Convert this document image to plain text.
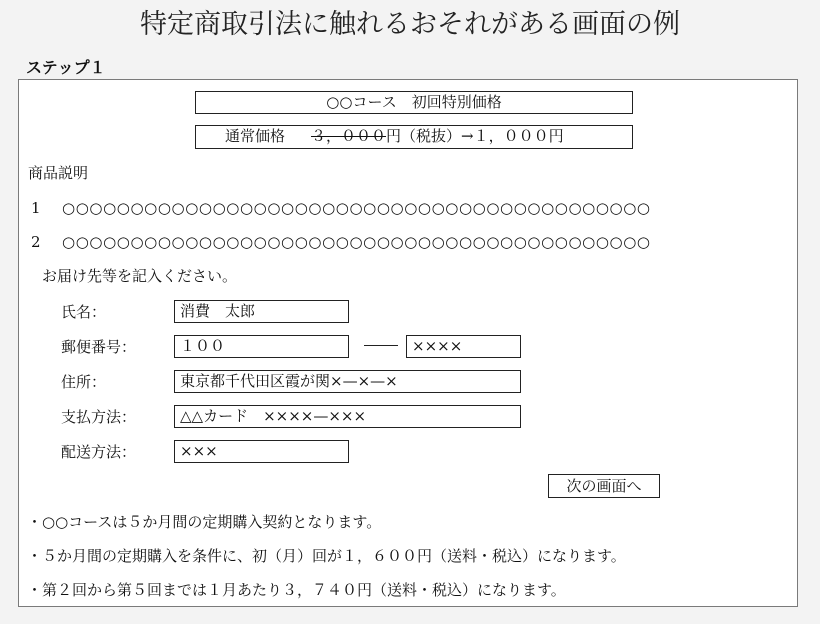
特定商取引法に触れるおそれがある画面の例
ステップ１
○○コース　初回特別価格
通常価格 ３，０００円（税抜）→１，０００円
商品説明
1 ○○○○○○○○○○○○○○○○○○○○○○○○○○○○○○○○○○○○○○○○○○○
2 ○○○○○○○○○○○○○○○○○○○○○○○○○○○○○○○○○○○○○○○○○○○
お届け先等を記入ください。
氏名：	消費　太郎
郵便番号：	１００	××××
住所：	東京都千代田区霞が関×—×—×
支払方法：	△△カード　××××—×××
配送方法：	×××
次の画面へ
・○○コースは５か月間の定期購入契約となります。
・５か月間の定期購入を条件に、初（月）回が１，６００円（送料・税込）になります。
・第２回から第５回までは１月あたり３，７４０円（送料・税込）になります。
